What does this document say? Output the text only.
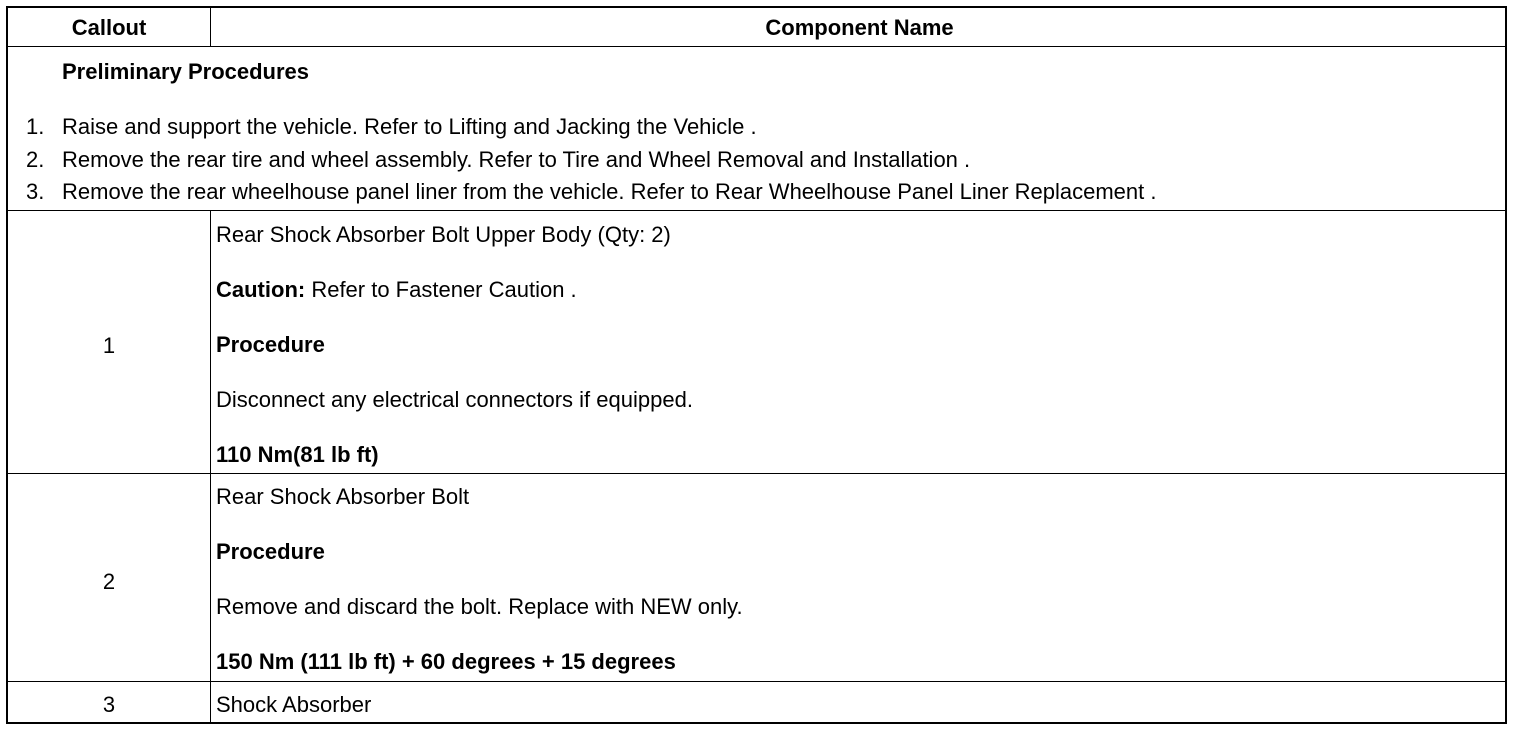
Callout	Component Name
Preliminary Procedures
1. Raise and support the vehicle. Refer to Lifting and Jacking the Vehicle .
2. Remove the rear tire and wheel assembly. Refer to Tire and Wheel Removal and Installation .
3. Remove the rear wheelhouse panel liner from the vehicle. Refer to Rear Wheelhouse Panel Liner Replacement .
1
Rear Shock Absorber Bolt Upper Body (Qty: 2)
Caution: Refer to Fastener Caution .
Procedure
Disconnect any electrical connectors if equipped.
110 Nm(81 lb ft)
2
Rear Shock Absorber Bolt
Procedure
Remove and discard the bolt. Replace with NEW only.
150 Nm (111 lb ft) + 60 degrees + 15 degrees
3	Shock Absorber
